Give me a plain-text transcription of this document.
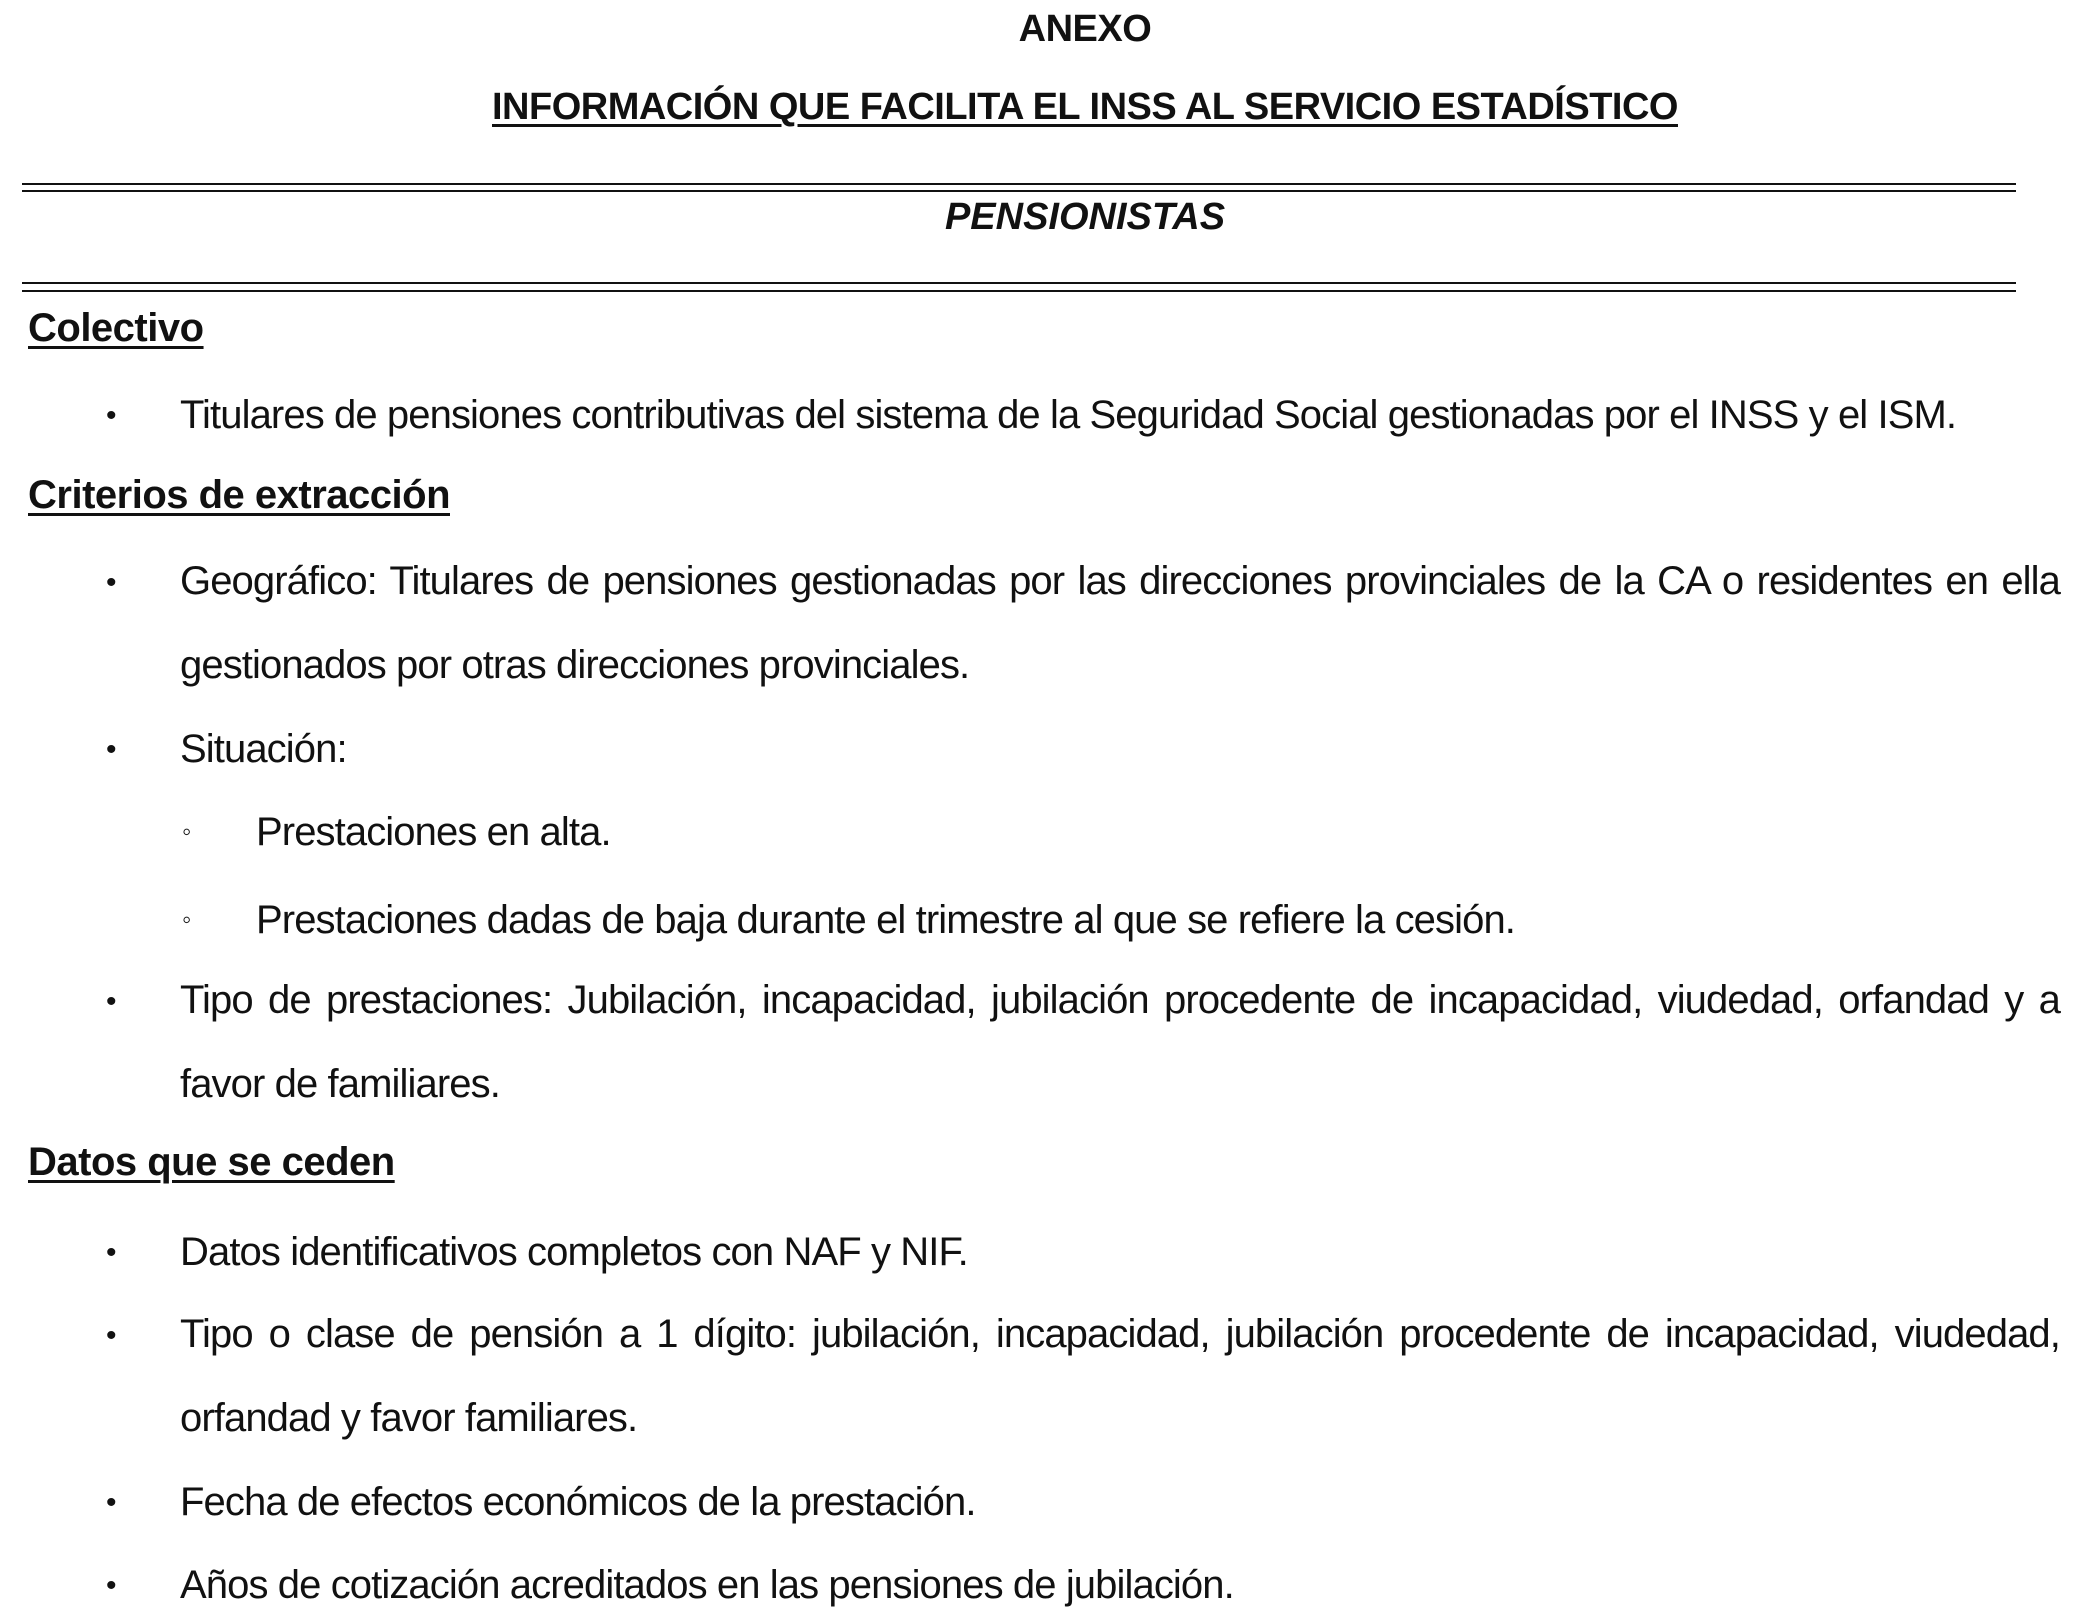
ANEXO
INFORMACIÓN QUE FACILITA EL INSS AL SERVICIO ESTADÍSTICO
PENSIONISTAS
Colectivo
• Titulares de pensiones contributivas del sistema de la Seguridad Social gestionadas por el INSS y el ISM.
Criterios de extracción
• Geográfico: Titulares de pensiones gestionadas por las direcciones provinciales de la CA o residentes en ella gestionados por otras direcciones provinciales.
• Situación:
◦ Prestaciones en alta.
◦ Prestaciones dadas de baja durante el trimestre al que se refiere la cesión.
• Tipo de prestaciones: Jubilación, incapacidad, jubilación procedente de incapacidad, viudedad, orfandad y a favor de familiares.
Datos que se ceden
• Datos identificativos completos con NAF y NIF.
• Tipo o clase de pensión a 1 dígito: jubilación, incapacidad, jubilación procedente de incapacidad, viudedad, orfandad y favor familiares.
• Fecha de efectos económicos de la prestación.
• Años de cotización acreditados en las pensiones de jubilación.
